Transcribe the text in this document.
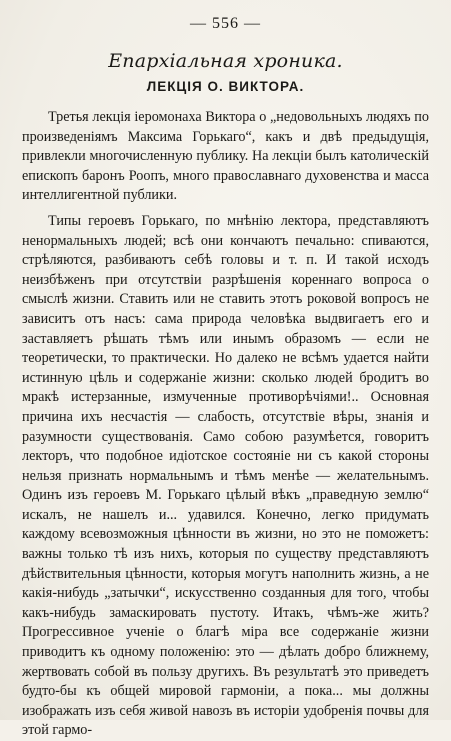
— 556 —
Епархіальная хроника.
ЛЕКЦІЯ О. ВИКТОРА.

Третья лекція іеромонаха Виктора о „недовольныхъ людяхъ по произведеніямъ Максима Горькаго“, какъ и двѣ предыдущія, привлекли многочисленную публику. На лекціи былъ католическій епископъ баронъ Роопъ, много православнаго духовенства и масса интеллигентной публики.

Типы героевъ Горькаго, по мнѣнію лектора, представляютъ ненормальныхъ людей; всѣ они кончаютъ печально: спиваются, стрѣляются, разбиваютъ себѣ головы и т. п. И такой исходъ неизбѣженъ при отсутствіи разрѣшенія кореннаго вопроса о смыслѣ жизни. Ставить или не ставить этотъ роковой вопросъ не зависитъ отъ насъ: сама природа человѣка выдвигаетъ его и заставляетъ рѣшать тѣмъ или инымъ образомъ — если не теоретически, то практически. Но далеко не всѣмъ удается найти истинную цѣль и содержаніе жизни: сколько людей бродитъ во мракѣ истерзанные, измученные противорѣчіями!.. Основная причина ихъ несчастія — слабость, отсутствіе вѣры, знанія и разумности существованія. Само собою разумѣется, говоритъ лекторъ, что подобное идіотское состояніе ни съ какой стороны нельзя признать нормальнымъ и тѣмъ менѣе — желательнымъ. Одинъ изъ героевъ М. Горькаго цѣлый вѣкъ „праведную землю“ искалъ, не нашелъ и... удавился. Конечно, легко придумать каждому всевозможныя цѣнности въ жизни, но это не поможетъ: важны только тѣ изъ нихъ, которыя по существу представляютъ дѣйствительныя цѣнности, которыя могутъ наполнить жизнь, а не какія-нибудь „затычки“, искусственно созданныя для того, чтобы какъ-нибудь замаскировать пустоту. Итакъ, чѣмъ-же жить? Прогрессивное ученіе о благѣ міра все содержаніе жизни приводитъ къ одному положенію: это — дѣлать добро ближнему, жертвовать собой въ пользу другихъ. Въ результатѣ это приведетъ будто-бы къ общей мировой гармоніи, а пока... мы должны изображать изъ себя живой навозъ въ исторіи удобренія почвы для этой гармо-
